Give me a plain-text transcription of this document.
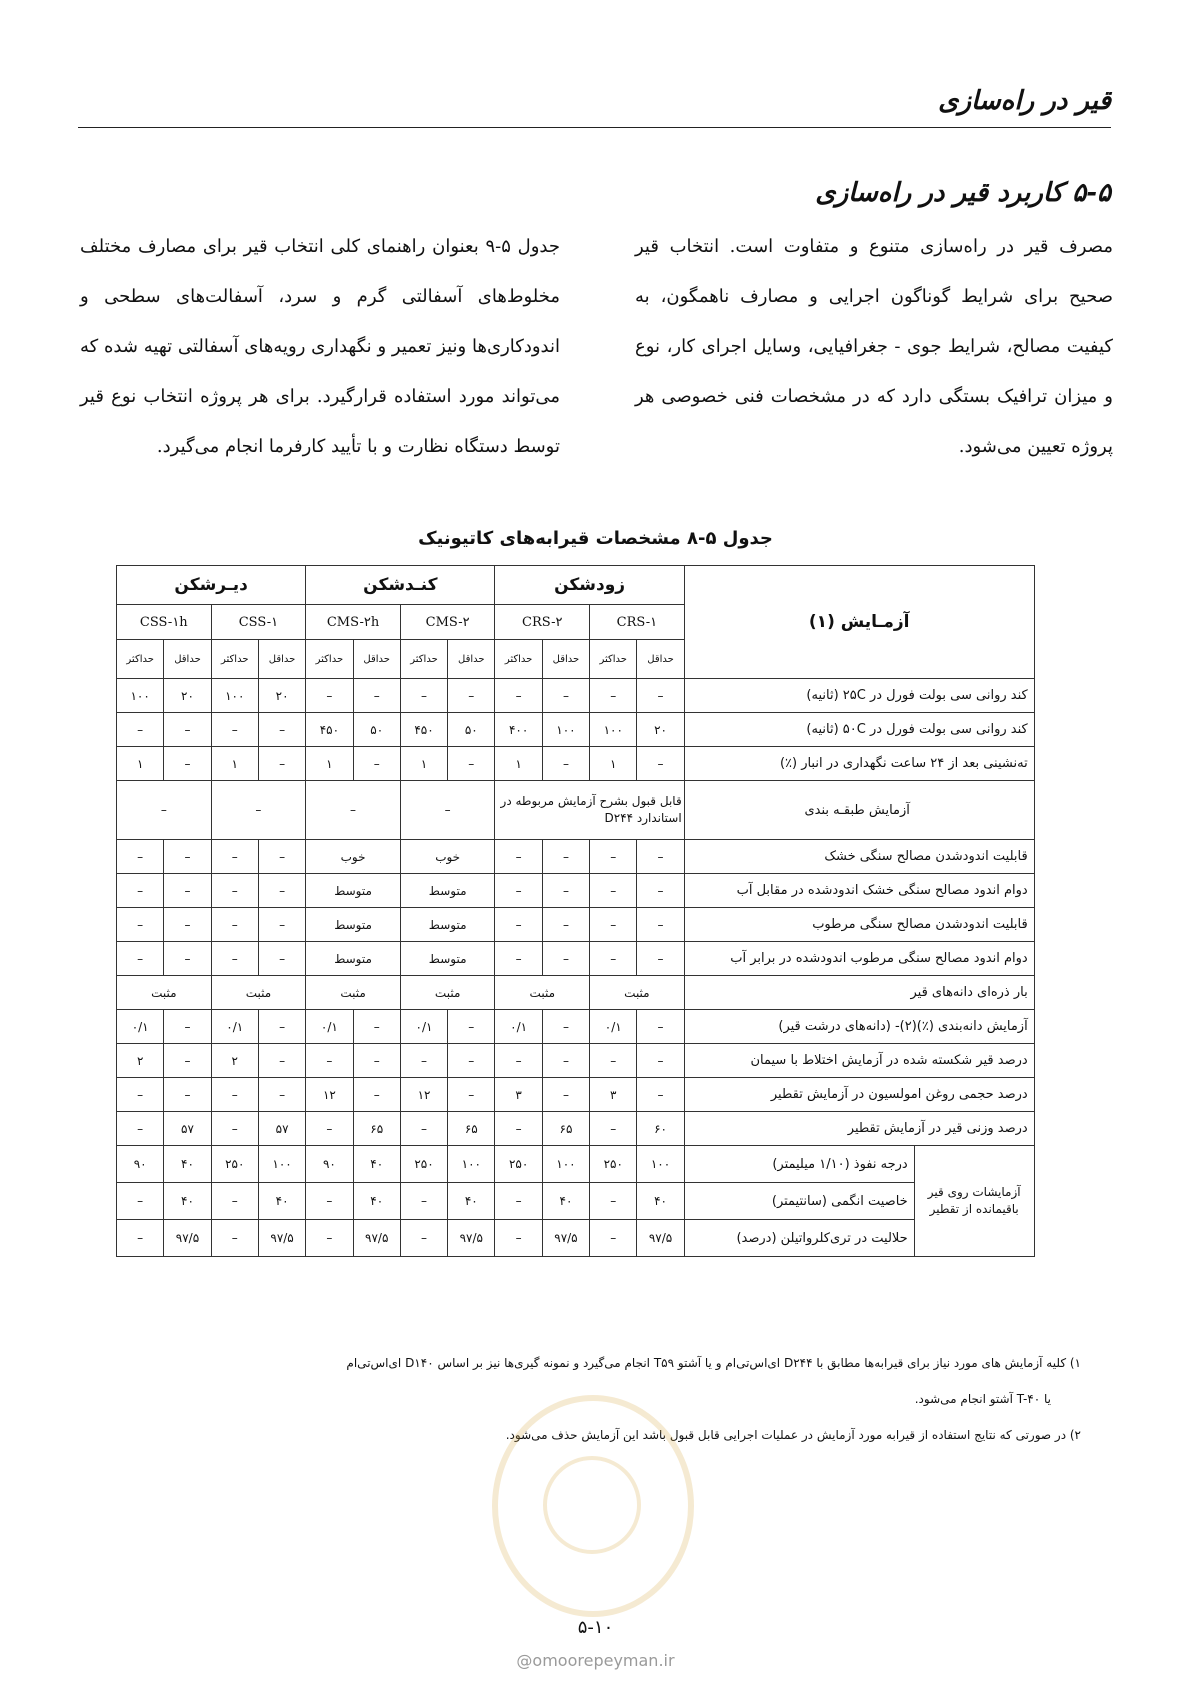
قیر در راه‌سازی
۵-۵ کاربرد قیر در راه‌سازی
مصرف قیر در راه‌سازی متنوع و متفاوت است. انتخاب قیر صحیح برای شرایط گوناگون اجرایی و مصارف ناهمگون، به کیفیت مصالح، شرایط جوی - جغرافیایی، وسایل اجرای کار، نوع و میزان ترافیک بستگی دارد که در مشخصات فنی خصوصی هر پروژه تعیین می‌شود.
جدول ۵-۹ بعنوان راهنمای کلی انتخاب قیر برای مصارف مختلف مخلوط‌های آسفالتی گرم و سرد، آسفالت‌های سطحی و اندودکاری‌ها ونیز تعمیر و نگهداری رویه‌های آسفالتی تهیه شده که می‌تواند مورد استفاده قرارگیرد. برای هر پروژه انتخاب نوع قیر توسط دستگاه نظارت و با تأیید کارفرما انجام می‌گیرد.
جدول ۵-۸ مشخصات قیرابه‌های کاتیونیک
آزمـایش (۱)		زودشکن				کنـدشکن				دیـرشکن			
		CRS-۱		CRS-۲		CMS-۲		CMS-۲h		CSS-۱		CSS-۱h	
		حداقل	حداکثر	حداقل	حداکثر	حداقل	حداکثر	حداقل	حداکثر	حداقل	حداکثر	حداقل	حداکثر
کند روانی سی بولت فورل در ۲۵C (ثانیه)		–	–	–	–	–	–	–	–	۲۰	۱۰۰	۲۰	۱۰۰
کند روانی سی بولت فورل در ۵۰C (ثانیه)		۲۰	۱۰۰	۱۰۰	۴۰۰	۵۰	۴۵۰	۵۰	۴۵۰	–	–	–	–
ته‌نشینی بعد از ۲۴ ساعت نگهداری در انبار (٪)		–	۱	–	۱	–	۱	–	۱	–	۱	–	۱
آزمایش طبقـه بندی		قابل قبول بشرح آزمایش مربوطه در استاندارد D۲۴۴				–		–		–		–	
قابلیت اندودشدن مصالح سنگی خشک		–	–	–	–	خوب		خوب		–	–	–	–
دوام اندود مصالح سنگی خشک اندودشده در مقابل آب		–	–	–	–	متوسط		متوسط		–	–	–	–
قابلیت اندودشدن مصالح سنگی مرطوب		–	–	–	–	متوسط		متوسط		–	–	–	–
دوام اندود مصالح سنگی مرطوب اندودشده در برابر آب		–	–	–	–	متوسط		متوسط		–	–	–	–
بار ذره‌ای دانه‌های قیر		مثبت		مثبت		مثبت		مثبت		مثبت		مثبت	
آزمایش دانه‌بندی (٪)(۲)- (دانه‌های درشت قیر)		–	۰/۱	–	۰/۱	–	۰/۱	–	۰/۱	–	۰/۱	–	۰/۱
درصد قیر شکسته شده در آزمایش اختلاط با سیمان		–	–	–	–	–	–	–	–	–	۲	–	۲
درصد حجمی روغن امولسیون در آزمایش تقطیر		–	۳	–	۳	–	۱۲	–	۱۲	–	–	–	–
درصد وزنی قیر در آزمایش تقطیر		۶۰	–	۶۵	–	۶۵	–	۶۵	–	۵۷	–	۵۷	–
آزمایشات روی قیر باقیمانده از تقطیر	درجه نفوذ (۱/۱۰ میلیمتر)	۱۰۰	۲۵۰	۱۰۰	۲۵۰	۱۰۰	۲۵۰	۴۰	۹۰	۱۰۰	۲۵۰	۴۰	۹۰
	خاصیت انگمی (سانتیمتر)	۴۰	–	۴۰	–	۴۰	–	۴۰	–	۴۰	–	۴۰	–
	حلالیت در تری‌کلرواتیلن (درصد)	۹۷/۵	–	۹۷/۵	–	۹۷/۵	–	۹۷/۵	–	۹۷/۵	–	۹۷/۵	–
۱) کلیه آزمایش های مورد نیاز برای قیرابه‌ها مطابق با D۲۴۴ ای‌اس‌تی‌ام و یا آشتو T۵۹ انجام می‌گیرد و نمونه گیری‌ها نیز بر اساس D۱۴۰ ای‌اس‌تی‌ام
یا T-۴۰ آشتو انجام می‌شود.
۲) در صورتی که نتایج استفاده از قیرابه مورد آزمایش در عملیات اجرایی قابل قبول باشد این آزمایش حذف می‌شود.
۵-۱۰
@omoorepeyman.ir
